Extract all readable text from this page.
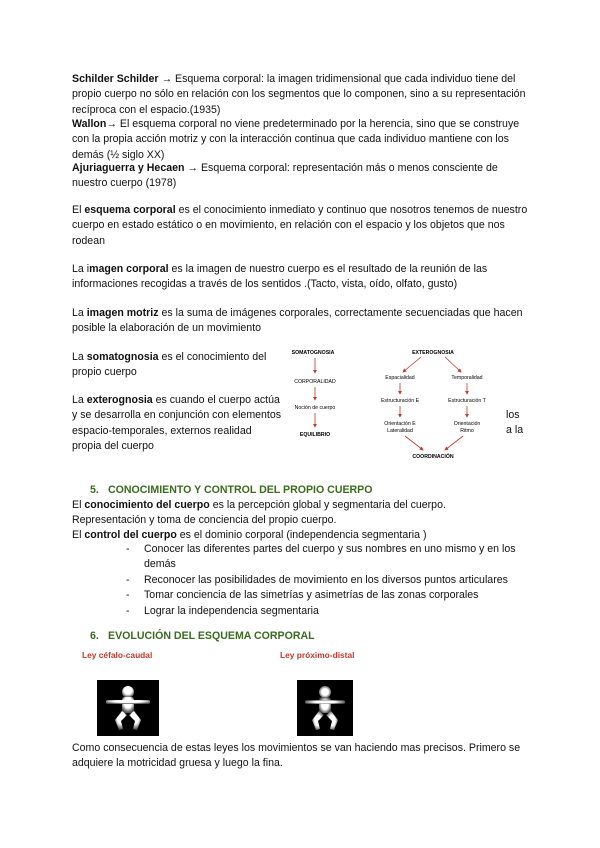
Schilder Schilder → Esquema corporal: la imagen tridimensional que cada individuo tiene del propio cuerpo no sólo en relación con los segmentos que lo componen, sino a su representación recíproca con el espacio.(1935)
Wallon→ El esquema corporal no viene predeterminado por la herencia, sino que se construye con la propia acción motriz y con la interacción continua que cada individuo mantiene con los demás (½ siglo XX)
Ajuriaguerra y Hecaen → Esquema corporal: representación más o menos consciente de nuestro cuerpo (1978)
El esquema corporal es el conocimiento inmediato y continuo que nosotros tenemos de nuestro cuerpo en estado estático o en movimiento, en relación con el espacio y los objetos que nos rodean
La imagen corporal es la imagen de nuestro cuerpo es el resultado de la reunión de las informaciones recogidas a través de los sentidos .(Tacto, vista, oído, olfato, gusto)
La imagen motriz es la suma de imágenes corporales, correctamente secuenciadas que hacen posible la elaboración de un movimiento
La somatognosia es el conocimiento del propio cuerpo
La exterognosia es cuando el cuerpo actúa y se desarrolla en conjunción con elementos espacio-temporales, externos realidad propia del cuerpo
los
a la
SOMATOGNOSIA
CORPORALIDAD
Noción de cuerpo
EQUILIBRIO
EXTEROGNOSIA
Espacialidad	Temporalidad
Estructuración E	Estructuración T
Orientación E
Lateralidad
Orientación
Ritmo
COORDINACIÓN
5. CONOCIMIENTO Y CONTROL DEL PROPIO CUERPO
El conocimiento del cuerpo es la percepción global y segmentaria del cuerpo.
Representación y toma de conciencia del propio cuerpo.
El control del cuerpo es el dominio corporal (independencia segmentaria )
- Conocer las diferentes partes del cuerpo y sus nombres en uno mismo y en los demás
- Reconocer las posibilidades de movimiento en los diversos puntos articulares
- Tomar conciencia de las simetrías y asimetrías de las zonas corporales
- Lograr la independencia segmentaria
6. EVOLUCIÓN DEL ESQUEMA CORPORAL
Ley céfalo-caudal	Ley próximo-distal
Como consecuencia de estas leyes los movimientos se van haciendo mas precisos. Primero se adquiere la motricidad gruesa y luego la fina.
